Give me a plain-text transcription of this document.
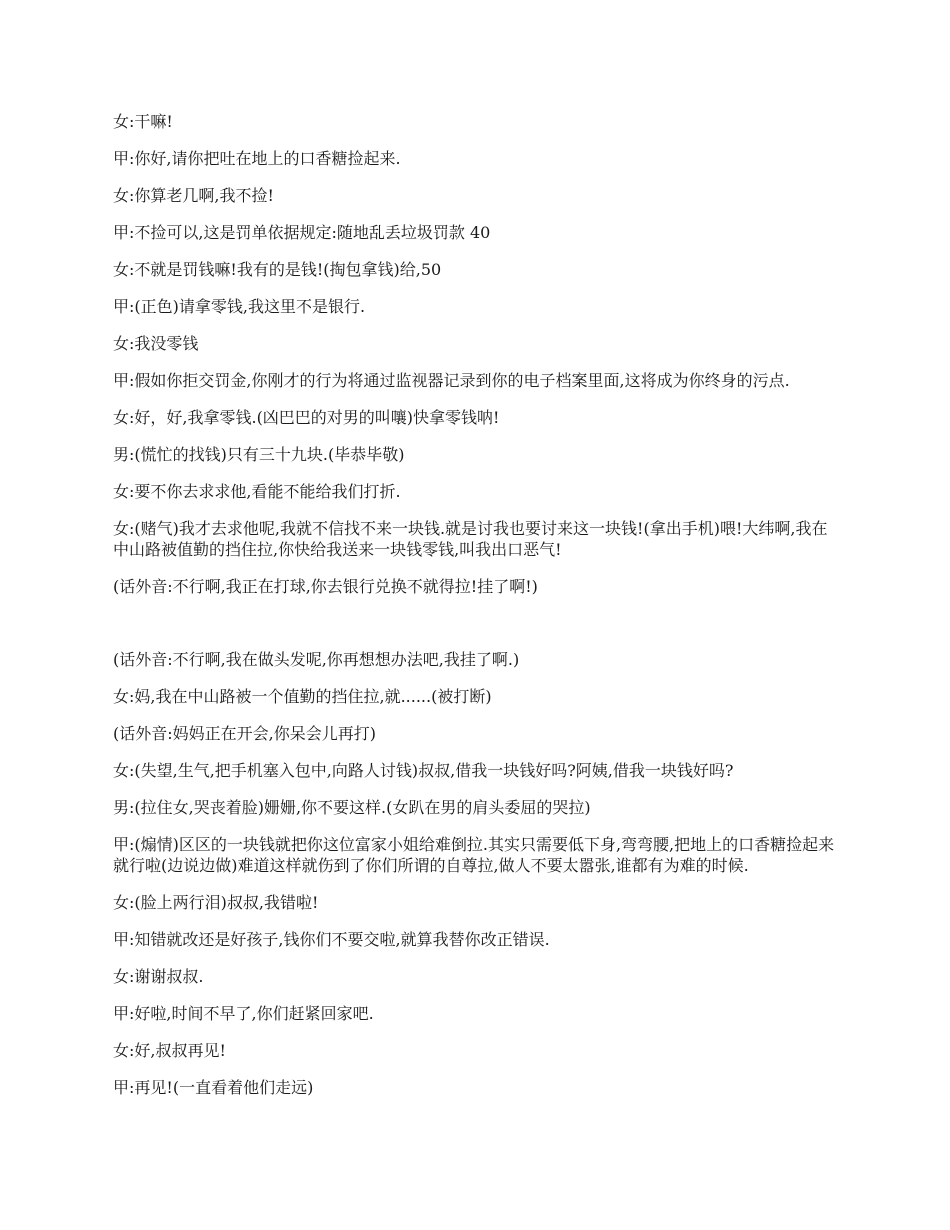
女:干嘛!

甲:你好,请你把吐在地上的口香糖捡起来.

女:你算老几啊,我不捡!

甲:不捡可以,这是罚单依据规定:随地乱丢垃圾罚款 40

女:不就是罚钱嘛!我有的是钱!(掏包拿钱)给,50

甲:(正色)请拿零钱,我这里不是银行.

女:我没零钱

甲:假如你拒交罚金,你刚才的行为将通过监视器记录到你的电子档案里面,这将成为你终身的污点.

女:好，好,我拿零钱.(凶巴巴的对男的叫嚷)快拿零钱呐!

男:(慌忙的找钱)只有三十九块.(毕恭毕敬)

女:要不你去求求他,看能不能给我们打折.

女:(赌气)我才去求他呢,我就不信找不来一块钱.就是讨我也要讨来这一块钱!(拿出手机)喂!大纬啊,我在中山路被值勤的挡住拉,你快给我送来一块钱零钱,叫我出口恶气!

(话外音:不行啊,我正在打球,你去银行兑换不就得拉!挂了啊!)

(话外音:不行啊,我在做头发呢,你再想想办法吧,我挂了啊.)

女:妈,我在中山路被一个值勤的挡住拉,就......(被打断)

(话外音:妈妈正在开会,你呆会儿再打)

女:(失望,生气,把手机塞入包中,向路人讨钱)叔叔,借我一块钱好吗?阿姨,借我一块钱好吗?

男:(拉住女,哭丧着脸)姗姗,你不要这样.(女趴在男的肩头委屈的哭拉)

甲:(煽情)区区的一块钱就把你这位富家小姐给难倒拉.其实只需要低下身,弯弯腰,把地上的口香糖捡起来就行啦(边说边做)难道这样就伤到了你们所谓的自尊拉,做人不要太嚣张,谁都有为难的时候.

女:(脸上两行泪)叔叔,我错啦!

甲:知错就改还是好孩子,钱你们不要交啦,就算我替你改正错误.

女:谢谢叔叔.

甲:好啦,时间不早了,你们赶紧回家吧.

女:好,叔叔再见!

甲:再见!(一直看着他们走远)
